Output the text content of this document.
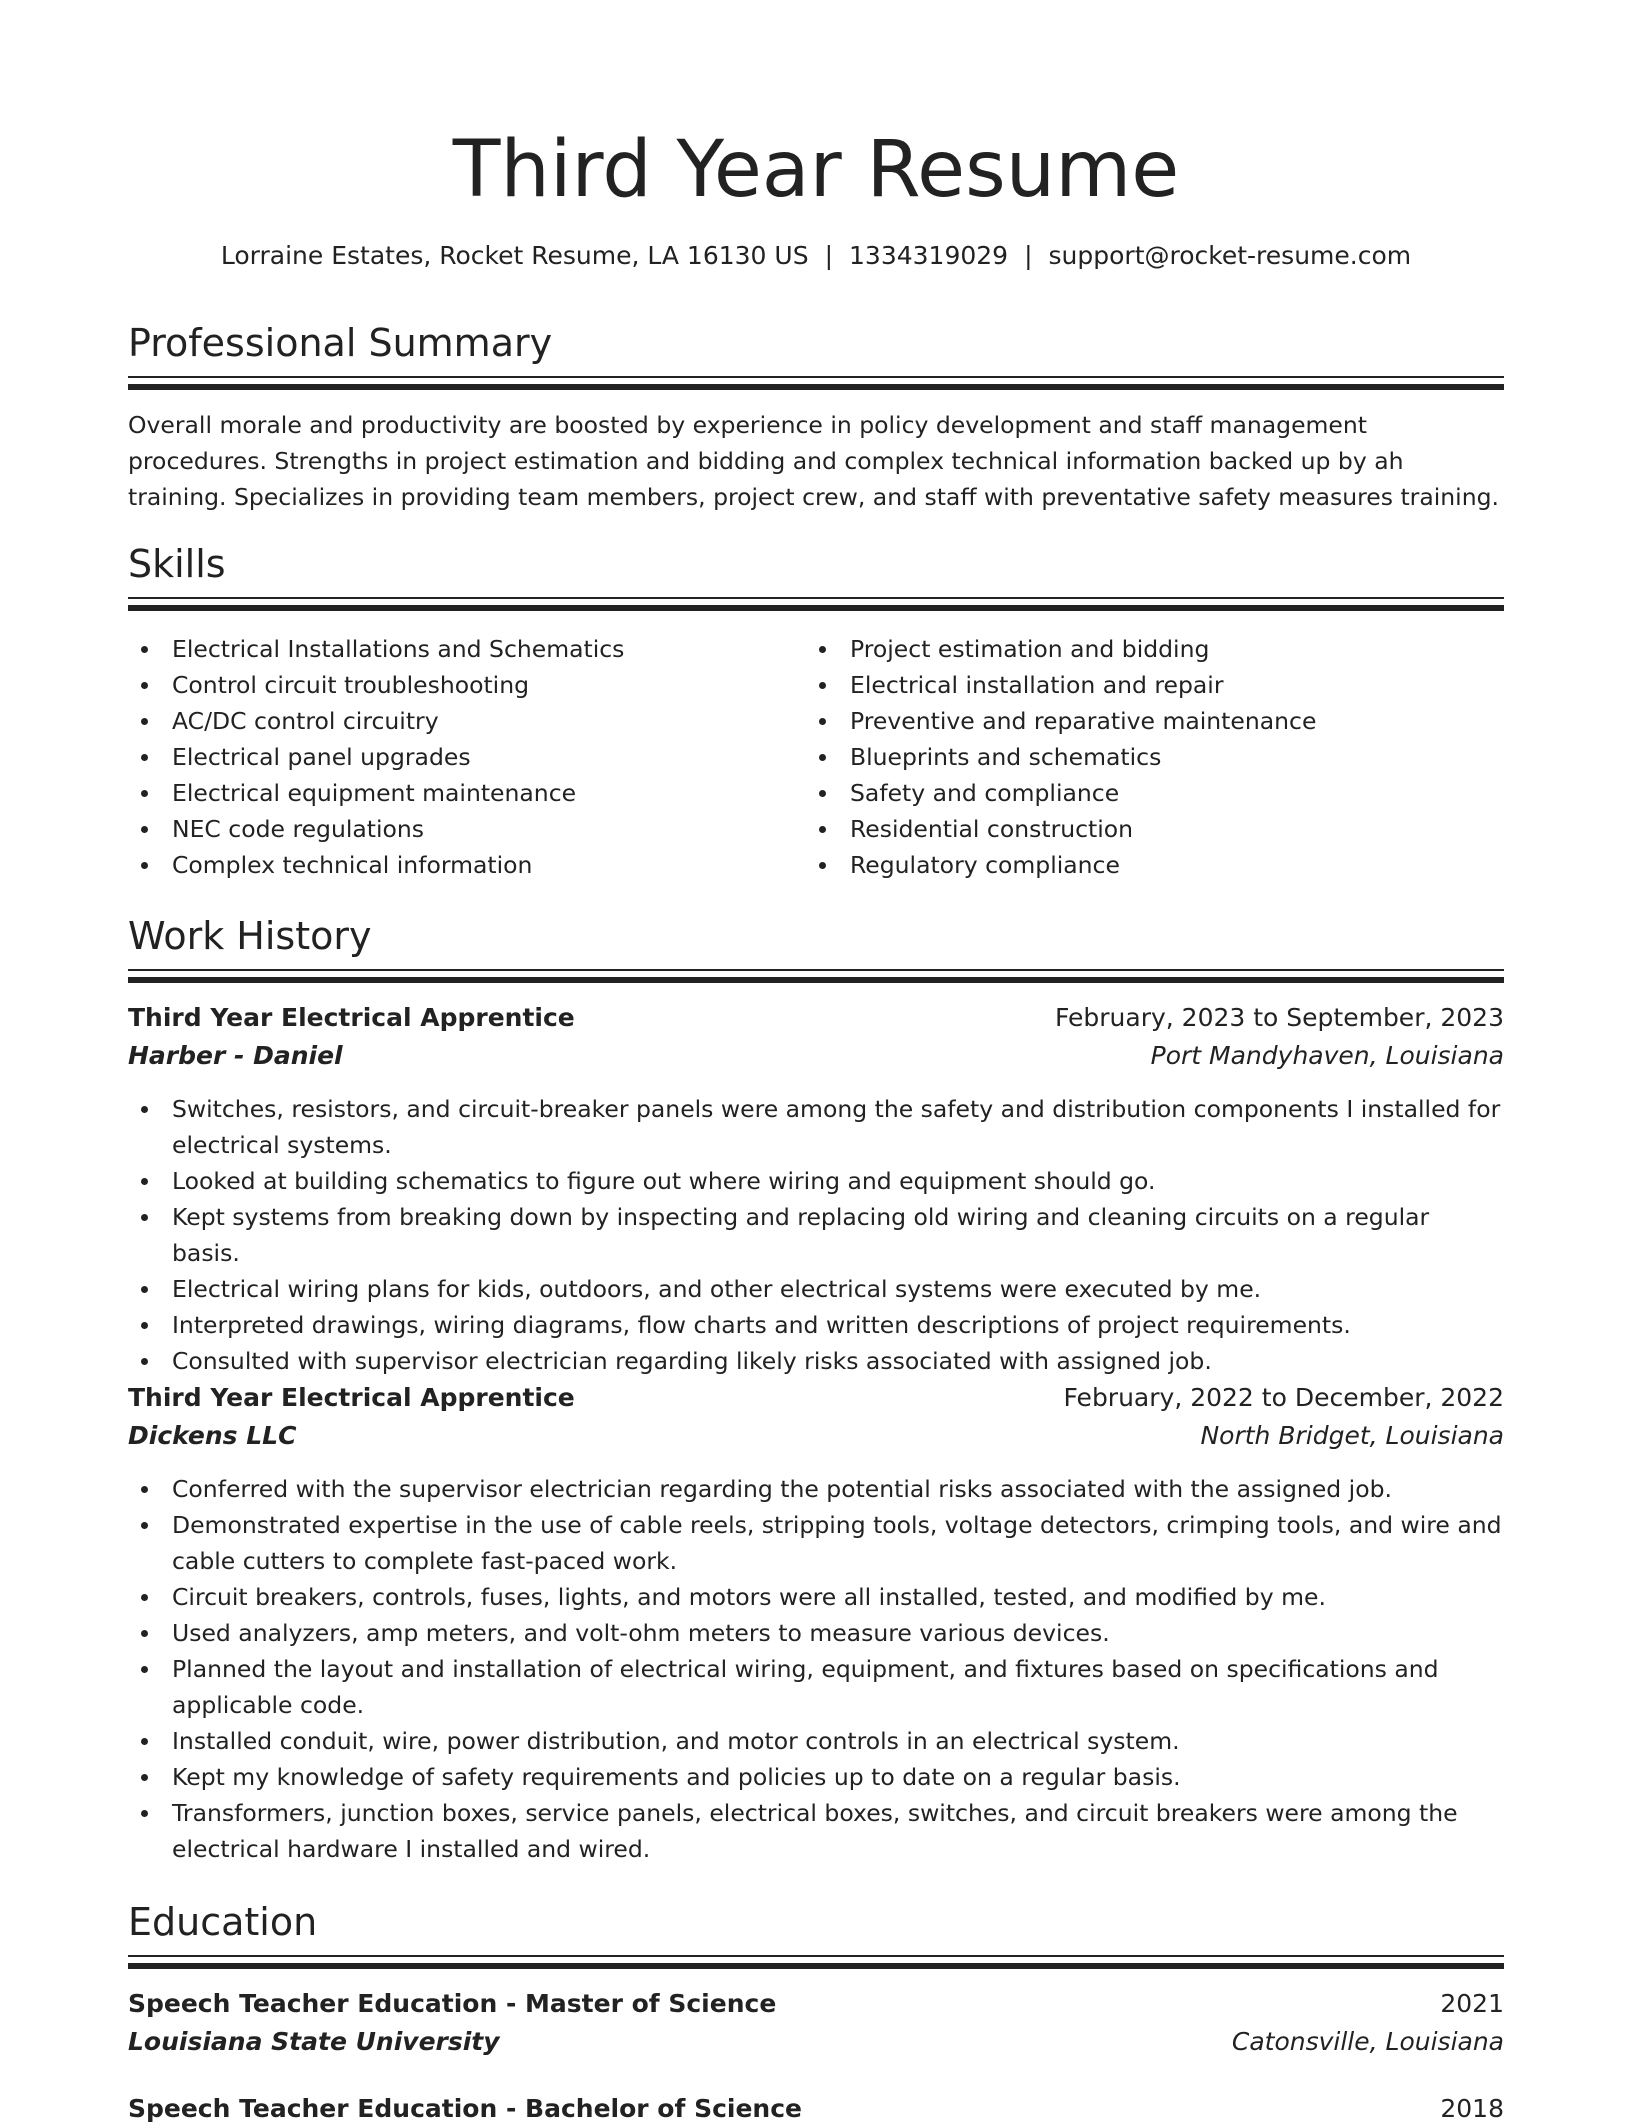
Third Year Resume
Lorraine Estates, Rocket Resume, LA 16130 US | 1334319029 | support@rocket-resume.com
Professional Summary
Overall morale and productivity are boosted by experience in policy development and staff management procedures. Strengths in project estimation and bidding and complex technical information backed up by ah training. Specializes in providing team members, project crew, and staff with preventative safety measures training.
Skills
Electrical Installations and Schematics
Control circuit troubleshooting
AC/DC control circuitry
Electrical panel upgrades
Electrical equipment maintenance
NEC code regulations
Complex technical information
Project estimation and bidding
Electrical installation and repair
Preventive and reparative maintenance
Blueprints and schematics
Safety and compliance
Residential construction
Regulatory compliance
Work History
Third Year Electrical Apprentice	February, 2023 to September, 2023
Harber - Daniel	Port Mandyhaven, Louisiana
Switches, resistors, and circuit-breaker panels were among the safety and distribution components I installed for electrical systems.
Looked at building schematics to figure out where wiring and equipment should go.
Kept systems from breaking down by inspecting and replacing old wiring and cleaning circuits on a regular basis.
Electrical wiring plans for kids, outdoors, and other electrical systems were executed by me.
Interpreted drawings, wiring diagrams, flow charts and written descriptions of project requirements.
Consulted with supervisor electrician regarding likely risks associated with assigned job.
Third Year Electrical Apprentice	February, 2022 to December, 2022
Dickens LLC	North Bridget, Louisiana
Conferred with the supervisor electrician regarding the potential risks associated with the assigned job.
Demonstrated expertise in the use of cable reels, stripping tools, voltage detectors, crimping tools, and wire and cable cutters to complete fast-paced work.
Circuit breakers, controls, fuses, lights, and motors were all installed, tested, and modified by me.
Used analyzers, amp meters, and volt-ohm meters to measure various devices.
Planned the layout and installation of electrical wiring, equipment, and fixtures based on specifications and applicable code.
Installed conduit, wire, power distribution, and motor controls in an electrical system.
Kept my knowledge of safety requirements and policies up to date on a regular basis.
Transformers, junction boxes, service panels, electrical boxes, switches, and circuit breakers were among the electrical hardware I installed and wired.
Education
Speech Teacher Education - Master of Science	2021
Louisiana State University	Catonsville, Louisiana
Speech Teacher Education - Bachelor of Science	2018
